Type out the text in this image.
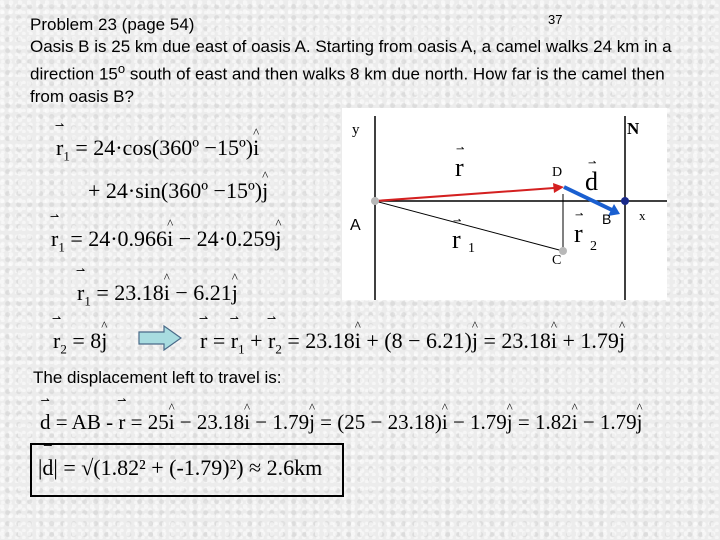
37

Problem 23 (page 54)

Oasis B is 25 km due east of oasis A. Starting from oasis A, a camel walks 24 km in a direction 15$^o$ south of east and then walks 8 km due north. How far is the camel then from oasis B?

⇀ $r_1$ = 24·cos(360º −15º)^ i
+ 24·sin(360º −15º)^ j
⇀ $r_1$ = 24·0.966^ i − 24·0.259^ j
⇀ $r_1$ = 23.18^ i − 6.21^ j
⇀ $r_2$ = 8^ j
⇀	r = ⇀ $r_1$ + ⇀ $r_2$ = 23.18^ i + (8 − 6.21)^ j = 23.18^ i + 1.79^ j
The displacement left to travel is:
⇀ d = AB - ⇀ r = 25^ i − 23.18^ i − 1.79^ j = (25 − 23.18)^ i − 1.79^ j = 1.82^ i − 1.79^ j
|⇀ d| = √(1.82² + (-1.79)²) ≈ 2.6km
y	N
A	B
C
D
r
r 1
r 2
d
x
⇀
⇀
⇀
⇀
